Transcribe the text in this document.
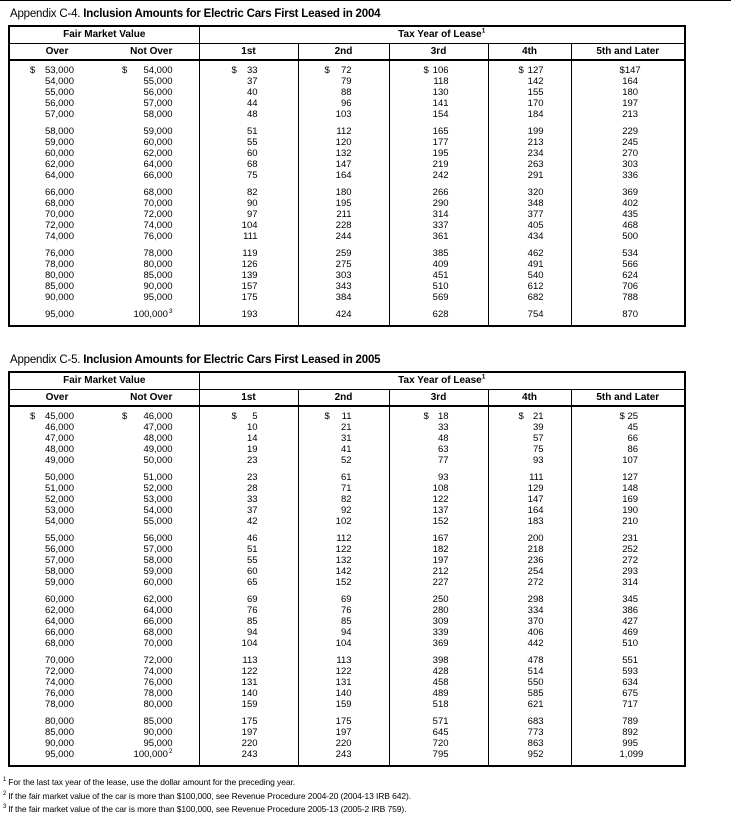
Appendix C-4. Inclusion Amounts for Electric Cars First Leased in 2004
Fair Market Value		Tax Year of Lease$^1$
Over	Not Over	1st	2nd	3rd	4th	5th and Later

$ 53,000	$ 54,000	$ 33	$ 72	$ 106	$ 127	$ 147
54,000	55,000	37	79	118	142	164
55,000	56,000	40	88	130	155	180
56,000	57,000	44	96	141	170	197
57,000	58,000	48	103	154	184	213
58,000	59,000	51	112	165	199	229
59,000	60,000	55	120	177	213	245
60,000	62,000	60	132	195	234	270
62,000	64,000	68	147	219	263	303
64,000	66,000	75	164	242	291	336
66,000	68,000	82	180	266	320	369
68,000	70,000	90	195	290	348	402
70,000	72,000	97	211	314	377	435
72,000	74,000	104	228	337	405	468
74,000	76,000	111	244	361	434	500
76,000	78,000	119	259	385	462	534
78,000	80,000	126	275	409	491	566
80,000	85,000	139	303	451	540	624
85,000	90,000	157	343	510	612	706
90,000	95,000	175	384	569	682	788
95,000	100,000$^3$	193	424	628	754	870
Appendix C-5. Inclusion Amounts for Electric Cars First Leased in 2005
Fair Market Value		Tax Year of Lease$^1$
Over	Not Over	1st	2nd	3rd	4th	5th and Later

$ 45,000	$ 46,000	$ 5	$ 11	$ 18	$ 21	$ 25
46,000	47,000	10	21	33	39	45
47,000	48,000	14	31	48	57	66
48,000	49,000	19	41	63	75	86
49,000	50,000	23	52	77	93	107
50,000	51,000	23	61	93	111	127
51,000	52,000	28	71	108	129	148
52,000	53,000	33	82	122	147	169
53,000	54,000	37	92	137	164	190
54,000	55,000	42	102	152	183	210
55,000	56,000	46	112	167	200	231
56,000	57,000	51	122	182	218	252
57,000	58,000	55	132	197	236	272
58,000	59,000	60	142	212	254	293
59,000	60,000	65	152	227	272	314
60,000	62,000	69	69	250	298	345
62,000	64,000	76	76	280	334	386
64,000	66,000	85	85	309	370	427
66,000	68,000	94	94	339	406	469
68,000	70,000	104	104	369	442	510
70,000	72,000	113	113	398	478	551
72,000	74,000	122	122	428	514	593
74,000	76,000	131	131	458	550	634
76,000	78,000	140	140	489	585	675
78,000	80,000	159	159	518	621	717
80,000	85,000	175	175	571	683	789
85,000	90,000	197	197	645	773	892
90,000	95,000	220	220	720	863	995
95,000	100,000$^2$	243	243	795	952	1,099
$^1$ For the last tax year of the lease, use the dollar amount for the preceding year.
$^2$ If the fair market value of the car is more than $100,000, see Revenue Procedure 2004-20 (2004-13 IRB 642).
$^3$ If the fair market value of the car is more than $100,000, see Revenue Procedure 2005-13 (2005-2 IRB 759).
